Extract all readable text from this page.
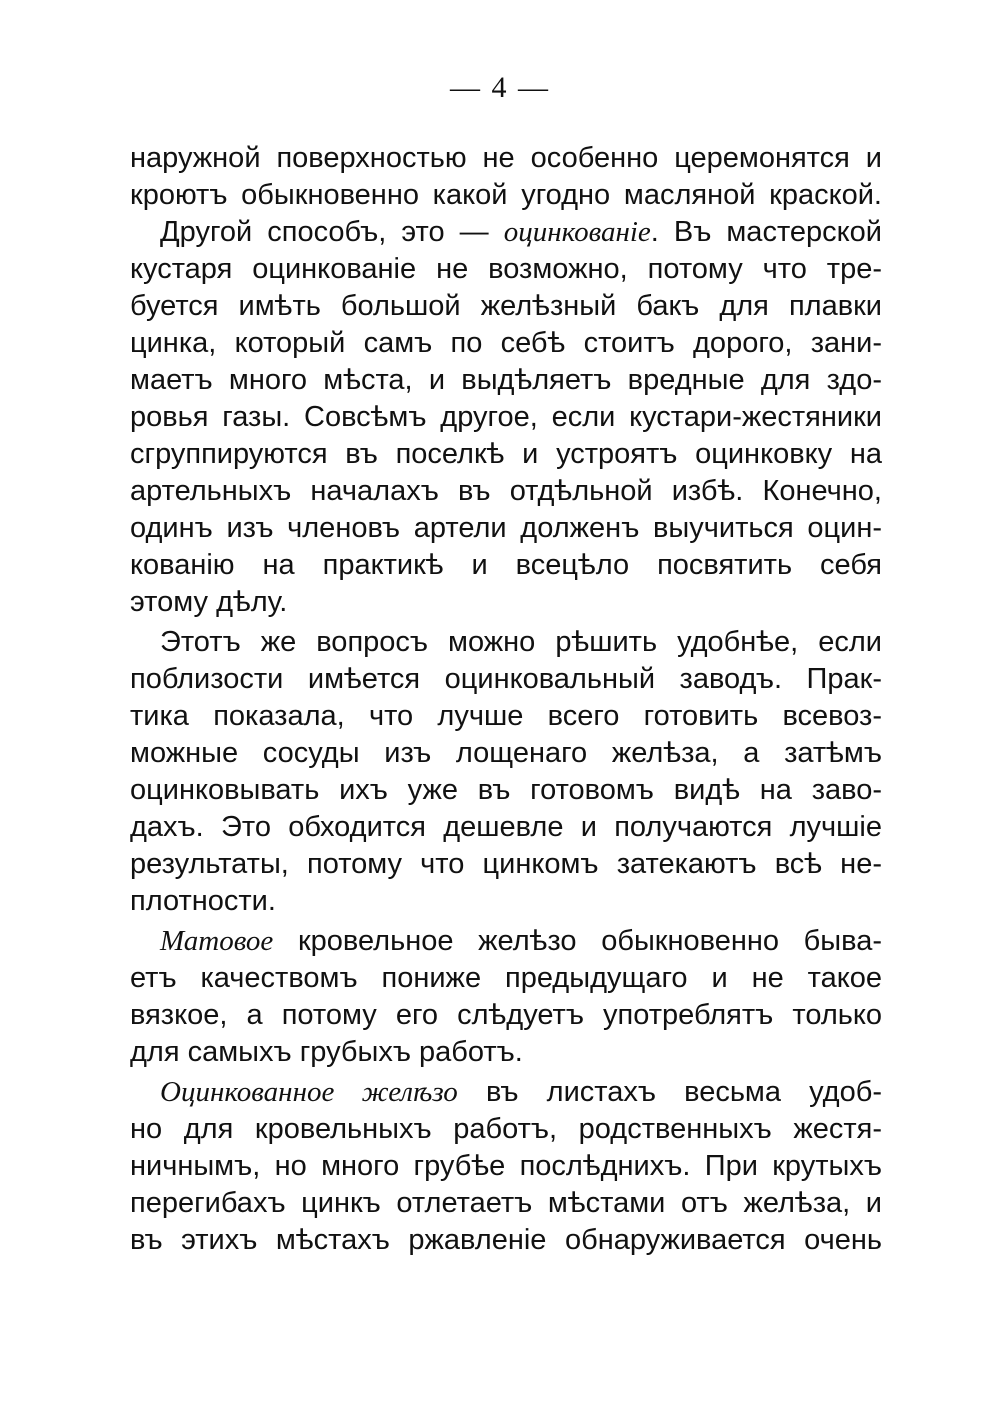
— 4 —
наружной поверхностью не особенно церемонятся и
кроютъ обыкновенно какой угодно масляной краской.
Другой способъ, это — оцинкованіе. Въ мастерской
кустаря оцинкованіе не возможно, потому что тре-
буется имѣть большой желѣзный бакъ для плавки
цинка, который самъ по себѣ стоитъ дорого, зани-
маетъ много мѣста, и выдѣляетъ вредные для здо-
ровья газы. Совсѣмъ другое, если кустари-жестяники
сгруппируются въ поселкѣ и устроятъ оцинковку на
артельныхъ началахъ въ отдѣльной избѣ. Конечно,
одинъ изъ членовъ артели долженъ выучиться оцин-
кованію на практикѣ и всецѣло посвятить себя
этому дѣлу.
Этотъ же вопросъ можно рѣшить удобнѣе, если
поблизости имѣется оцинковальный заводъ. Прак-
тика показала, что лучше всего готовить всевоз-
можные сосуды изъ лощенаго желѣза, а затѣмъ
оцинковывать ихъ уже въ готовомъ видѣ на заво-
дахъ. Это обходится дешевле и получаются лучшіе
результаты, потому что цинкомъ затекаютъ всѣ не-
плотности.
Матовое кровельное желѣзо обыкновенно быва-
етъ качествомъ пониже предыдущаго и не такое
вязкое, а потому его слѣдуетъ употреблятъ только
для самыхъ грубыхъ работъ.
Оцинкованное желѣзо въ листахъ весьма удоб-
но для кровельныхъ работъ, родственныхъ жестя-
ничнымъ, но много грубѣе послѣднихъ. При крутыхъ
перегибахъ цинкъ отлетаетъ мѣстами отъ желѣза, и
въ этихъ мѣстахъ ржавленіе обнаруживается очень
